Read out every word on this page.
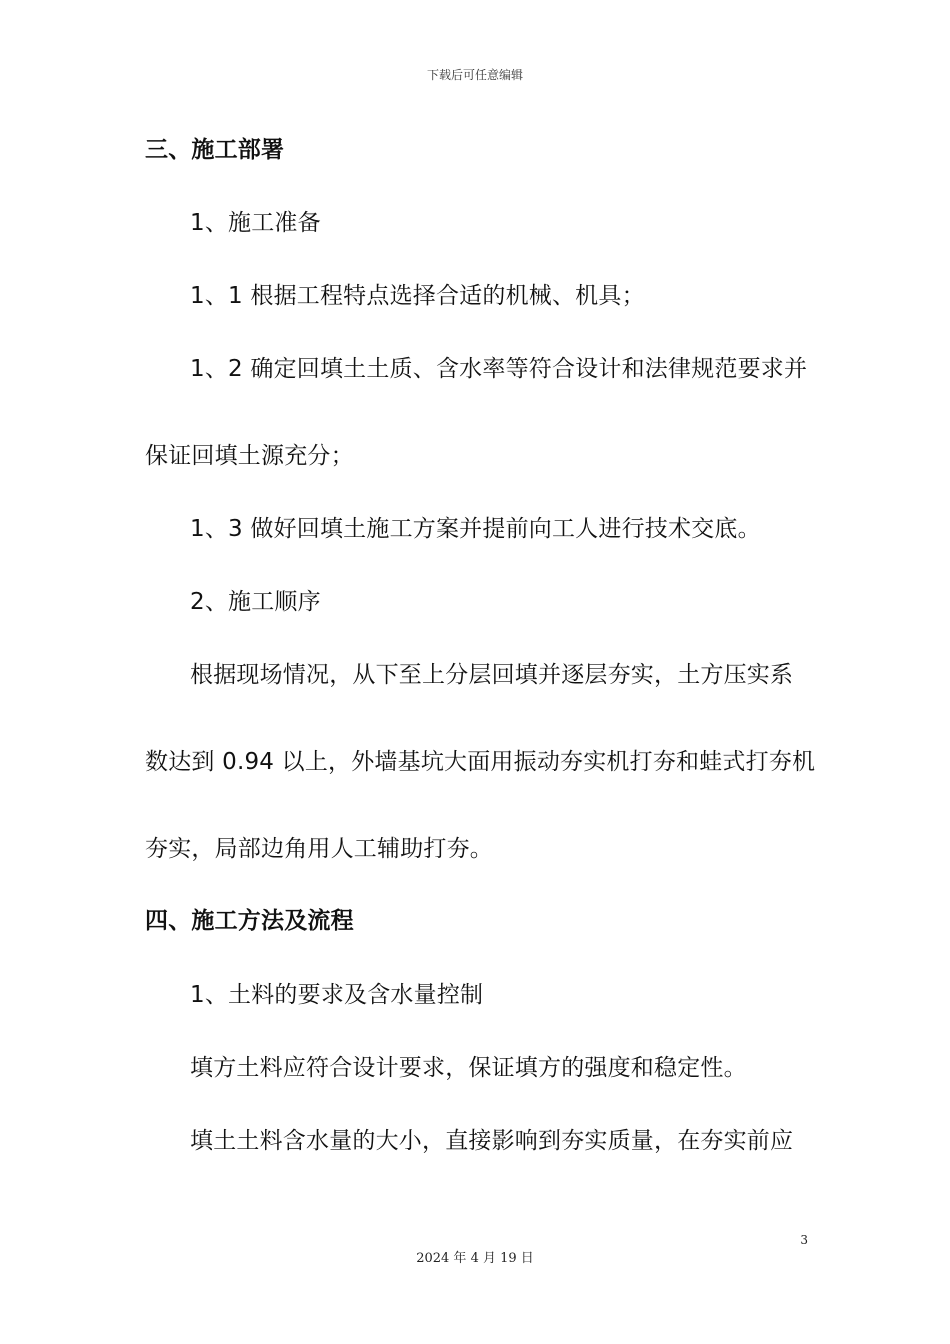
下载后可任意编辑
三、施工部署
1、施工准备
1、1 根据工程特点选择合适的机械、机具；
1、2 确定回填土土质、含水率等符合设计和法律规范要求并
保证回填土源充分；
1、3 做好回填土施工方案并提前向工人进行技术交底。
2、施工顺序
根据现场情况，从下至上分层回填并逐层夯实，土方压实系
数达到 0.94 以上，外墙基坑大面用振动夯实机打夯和蛙式打夯机
夯实，局部边角用人工辅助打夯。
四、施工方法及流程
1、土料的要求及含水量控制
填方土料应符合设计要求，保证填方的强度和稳定性。
填土土料含水量的大小，直接影响到夯实质量，在夯实前应
3
2024 年 4 月 19 日
